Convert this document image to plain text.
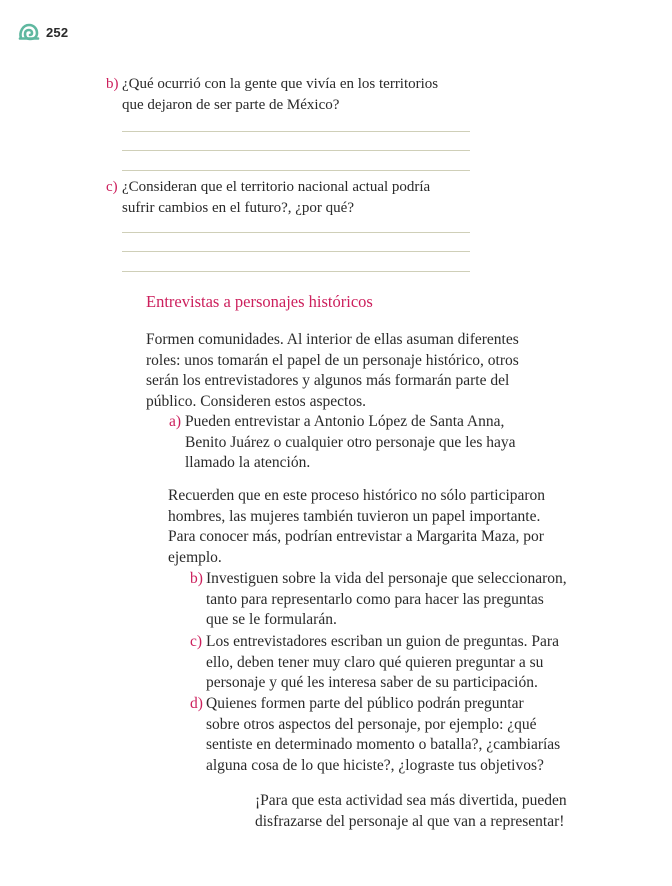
252
b) ¿Qué ocurrió con la gente que vivía en los territorios
que dejaron de ser parte de México?
c) ¿Consideran que el territorio nacional actual podría
sufrir cambios en el futuro?, ¿por qué?
Entrevistas a personajes históricos
Formen comunidades. Al interior de ellas asuman diferentes
roles: unos tomarán el papel de un personaje histórico, otros
serán los entrevistadores y algunos más formarán parte del
público. Consideren estos aspectos.
a) Pueden entrevistar a Antonio López de Santa Anna,
Benito Juárez o cualquier otro personaje que les haya
llamado la atención.
Recuerden que en este proceso histórico no sólo participaron
hombres, las mujeres también tuvieron un papel importante.
Para conocer más, podrían entrevistar a Margarita Maza, por
ejemplo.
b) Investiguen sobre la vida del personaje que seleccionaron,
tanto para representarlo como para hacer las preguntas
que se le formularán.
c) Los entrevistadores escriban un guion de preguntas. Para
ello, deben tener muy claro qué quieren preguntar a su
personaje y qué les interesa saber de su participación.
d) Quienes formen parte del público podrán preguntar
sobre otros aspectos del personaje, por ejemplo: ¿qué
sentiste en determinado momento o batalla?, ¿cambiarías
alguna cosa de lo que hiciste?, ¿lograste tus objetivos?
¡Para que esta actividad sea más divertida, pueden
disfrazarse del personaje al que van a representar!
